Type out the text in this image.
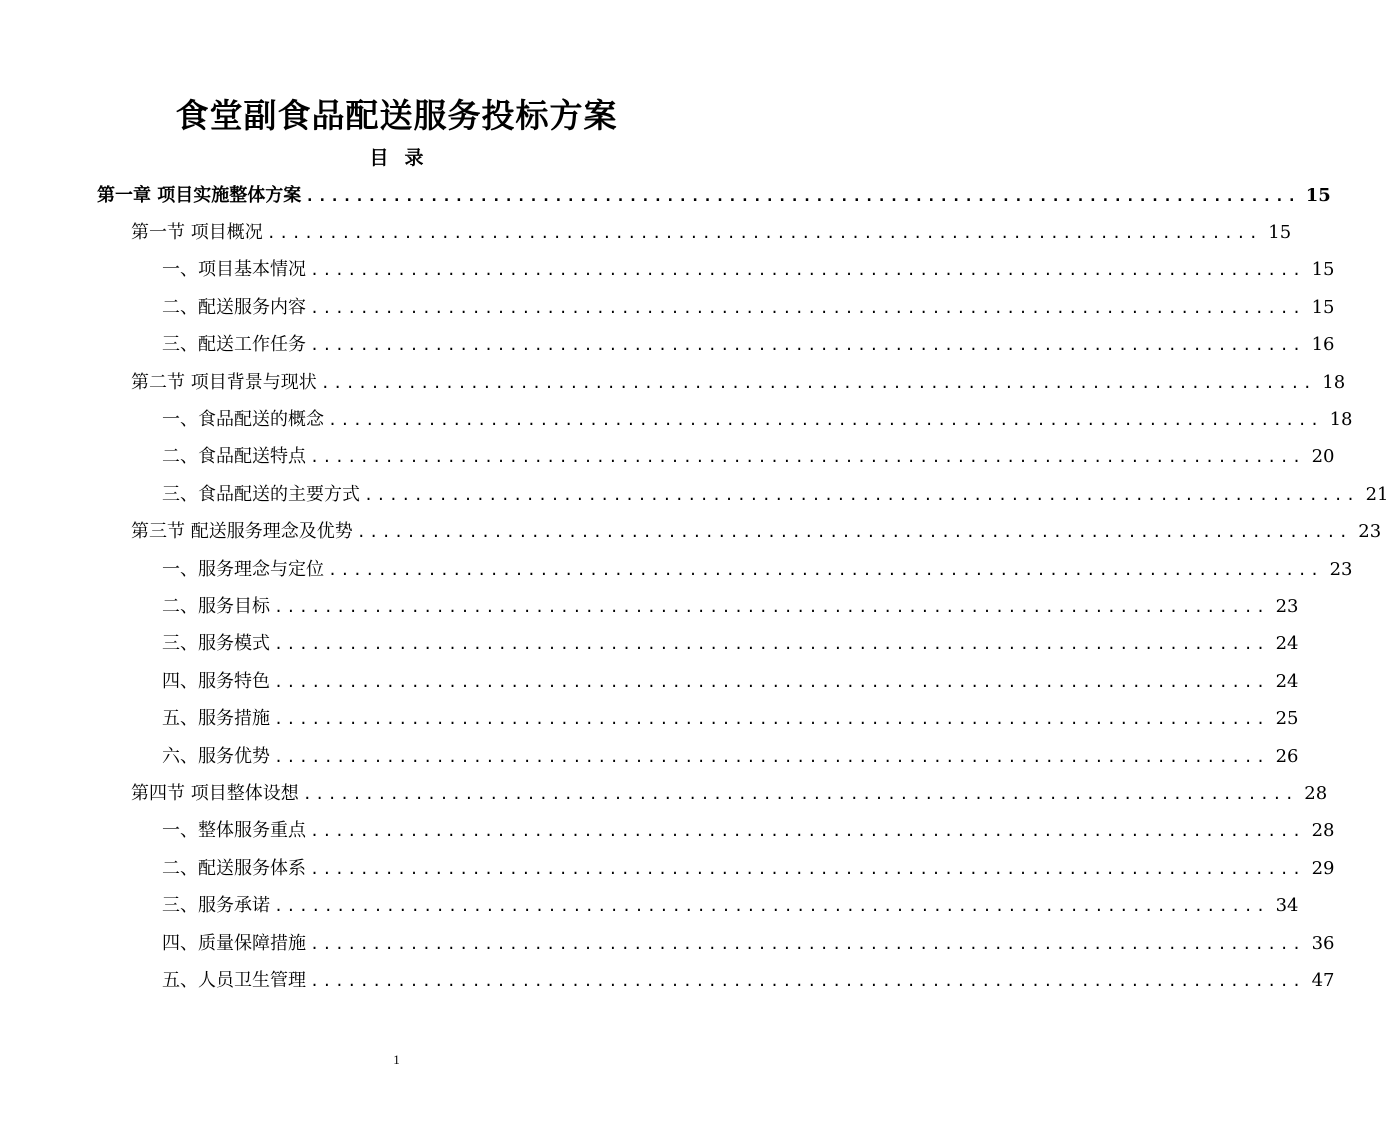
食堂副食品配送服务投标方案
目 录
第一章 项目实施整体方案 ................................................................................ 15
第一节 项目概况 ................................................................................ 15
一、项目基本情况 ................................................................................ 15
二、配送服务内容 ................................................................................ 15
三、配送工作任务 ................................................................................ 16
第二节 项目背景与现状 ................................................................................ 18
一、食品配送的概念 ................................................................................ 18
二、食品配送特点 ................................................................................ 20
三、食品配送的主要方式 ................................................................................ 21
第三节 配送服务理念及优势 ................................................................................ 23
一、服务理念与定位 ................................................................................ 23
二、服务目标 ................................................................................ 23
三、服务模式 ................................................................................ 24
四、服务特色 ................................................................................ 24
五、服务措施 ................................................................................ 25
六、服务优势 ................................................................................ 26
第四节 项目整体设想 ................................................................................ 28
一、整体服务重点 ................................................................................ 28
二、配送服务体系 ................................................................................ 29
三、服务承诺 ................................................................................ 34
四、质量保障措施 ................................................................................ 36
五、人员卫生管理 ................................................................................ 47
1
